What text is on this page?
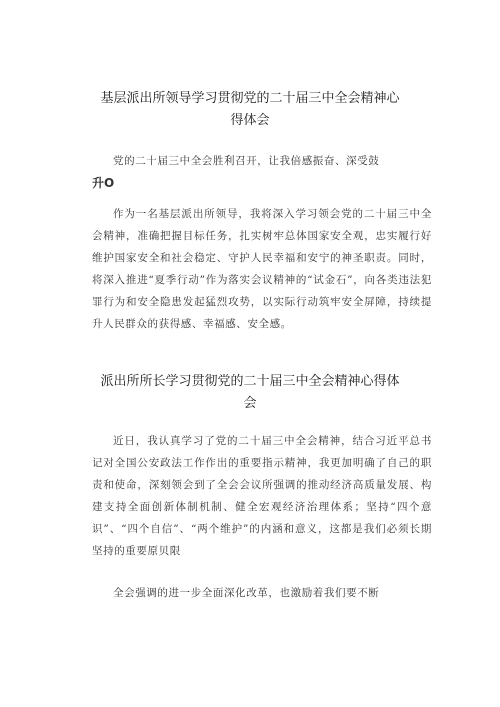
基层派出所领导学习贯彻党的二十届三中全会精神心
得体会
党的二十届三中全会胜利召开，让我倍感振奋、深受鼓
升O
作为一名基层派出所领导，我将深入学习领会党的二十届三中全会精神，准确把握目标任务，扎实树牢总体国家安全观，忠实履行好维护国家安全和社会稳定、守护人民幸福和安宁的神圣职责。同时，将深入推进“夏季行动”作为落实会议精神的“试金石”，向各类违法犯罪行为和安全隐患发起猛烈攻势，以实际行动筑牢安全屏障，持续提升人民群众的获得感、幸福感、安全感。
派出所所长学习贯彻党的二十届三中全会精神心得体
会
近日，我认真学习了党的二十届三中全会精神，结合习近平总书记对全国公安政法工作作出的重要指示精神，我更加明确了自己的职责和使命，深刻领会到了全会会议所强调的推动经济高质量发展、构建支持全面创新体制机制、健全宏观经济治理体系；坚持“四个意识”、“四个自信”、“两个维护”的内涵和意义，这都是我们必须长期坚持的重要原贝限
全会强调的进一步全面深化改革，也激励着我们要不断
